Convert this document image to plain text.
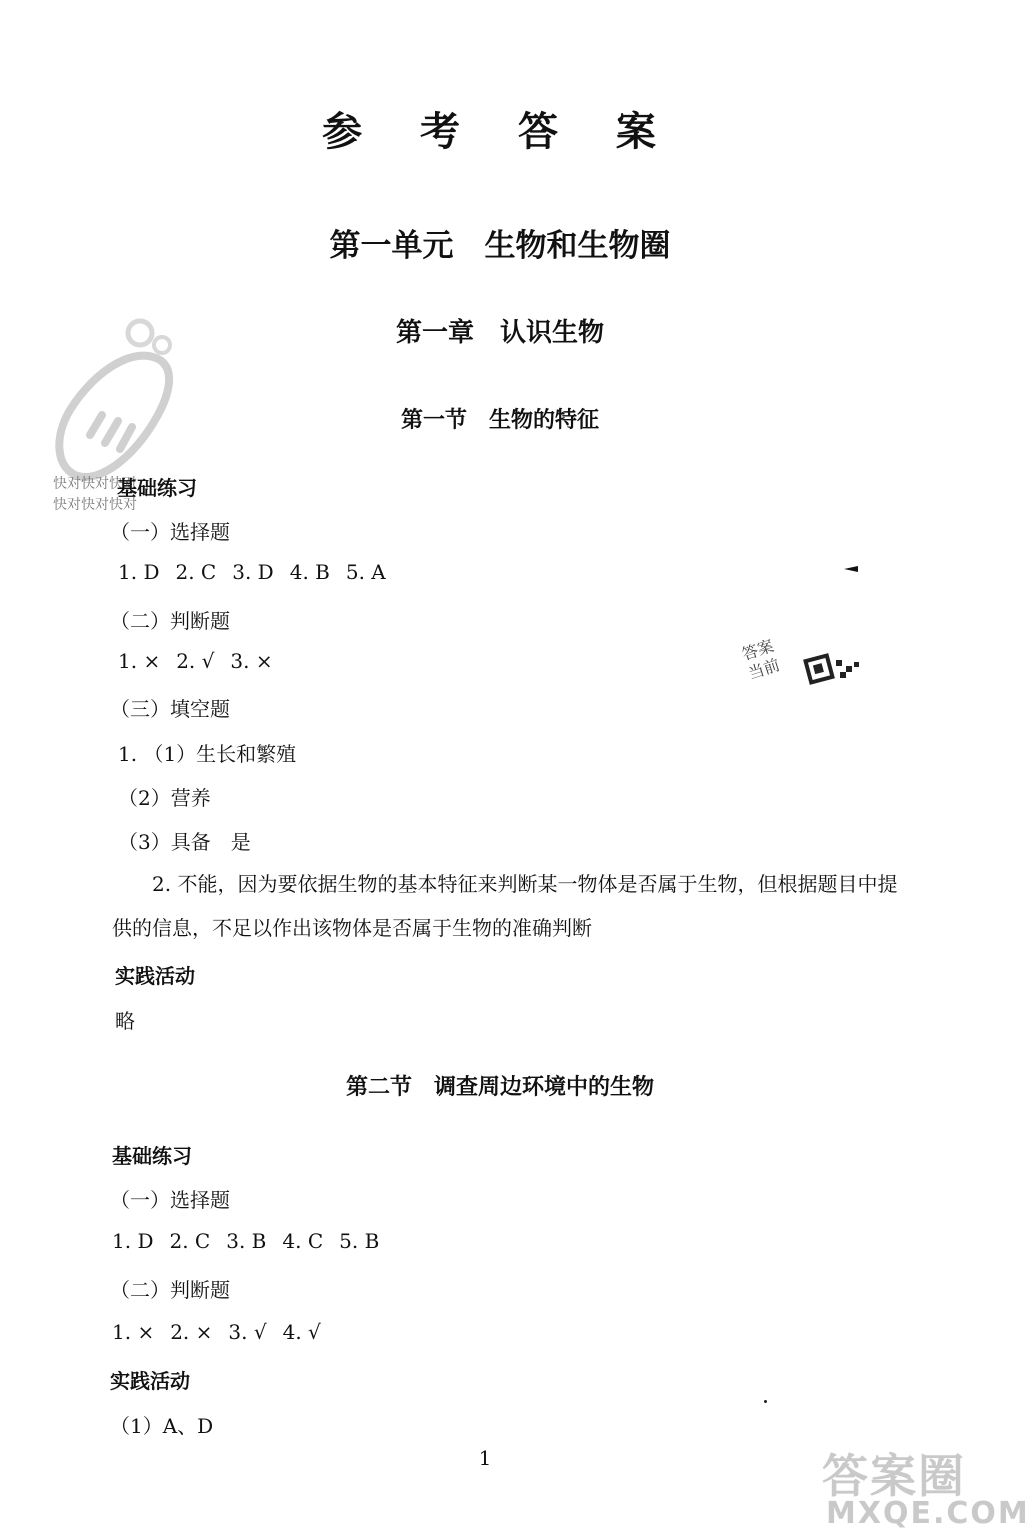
参 考 答 案
第一单元　生物和生物圈
第一章　认识生物
第一节　生物的特征
快对快对快对
快对快对快对
基础练习
（一）选择题
1. D 2. C 3. D 4. B 5. A
（二）判断题
1. × 2. √ 3. ×
（三）填空题
1. （1）生长和繁殖
（2）营养
（3）具备　是
2. 不能，因为要依据生物的基本特征来判断某一物体是否属于生物，但根据题目中提供的信息，不足以作出该物体是否属于生物的准确判断
实践活动
略
答案
当前
第二节　调查周边环境中的生物
基础练习
（一）选择题
1. D 2. C 3. B 4. C 5. B
（二）判断题
1. × 2. × 3. √ 4. √
实践活动
（1）A、D
1	答案圈
MXQE.COM
